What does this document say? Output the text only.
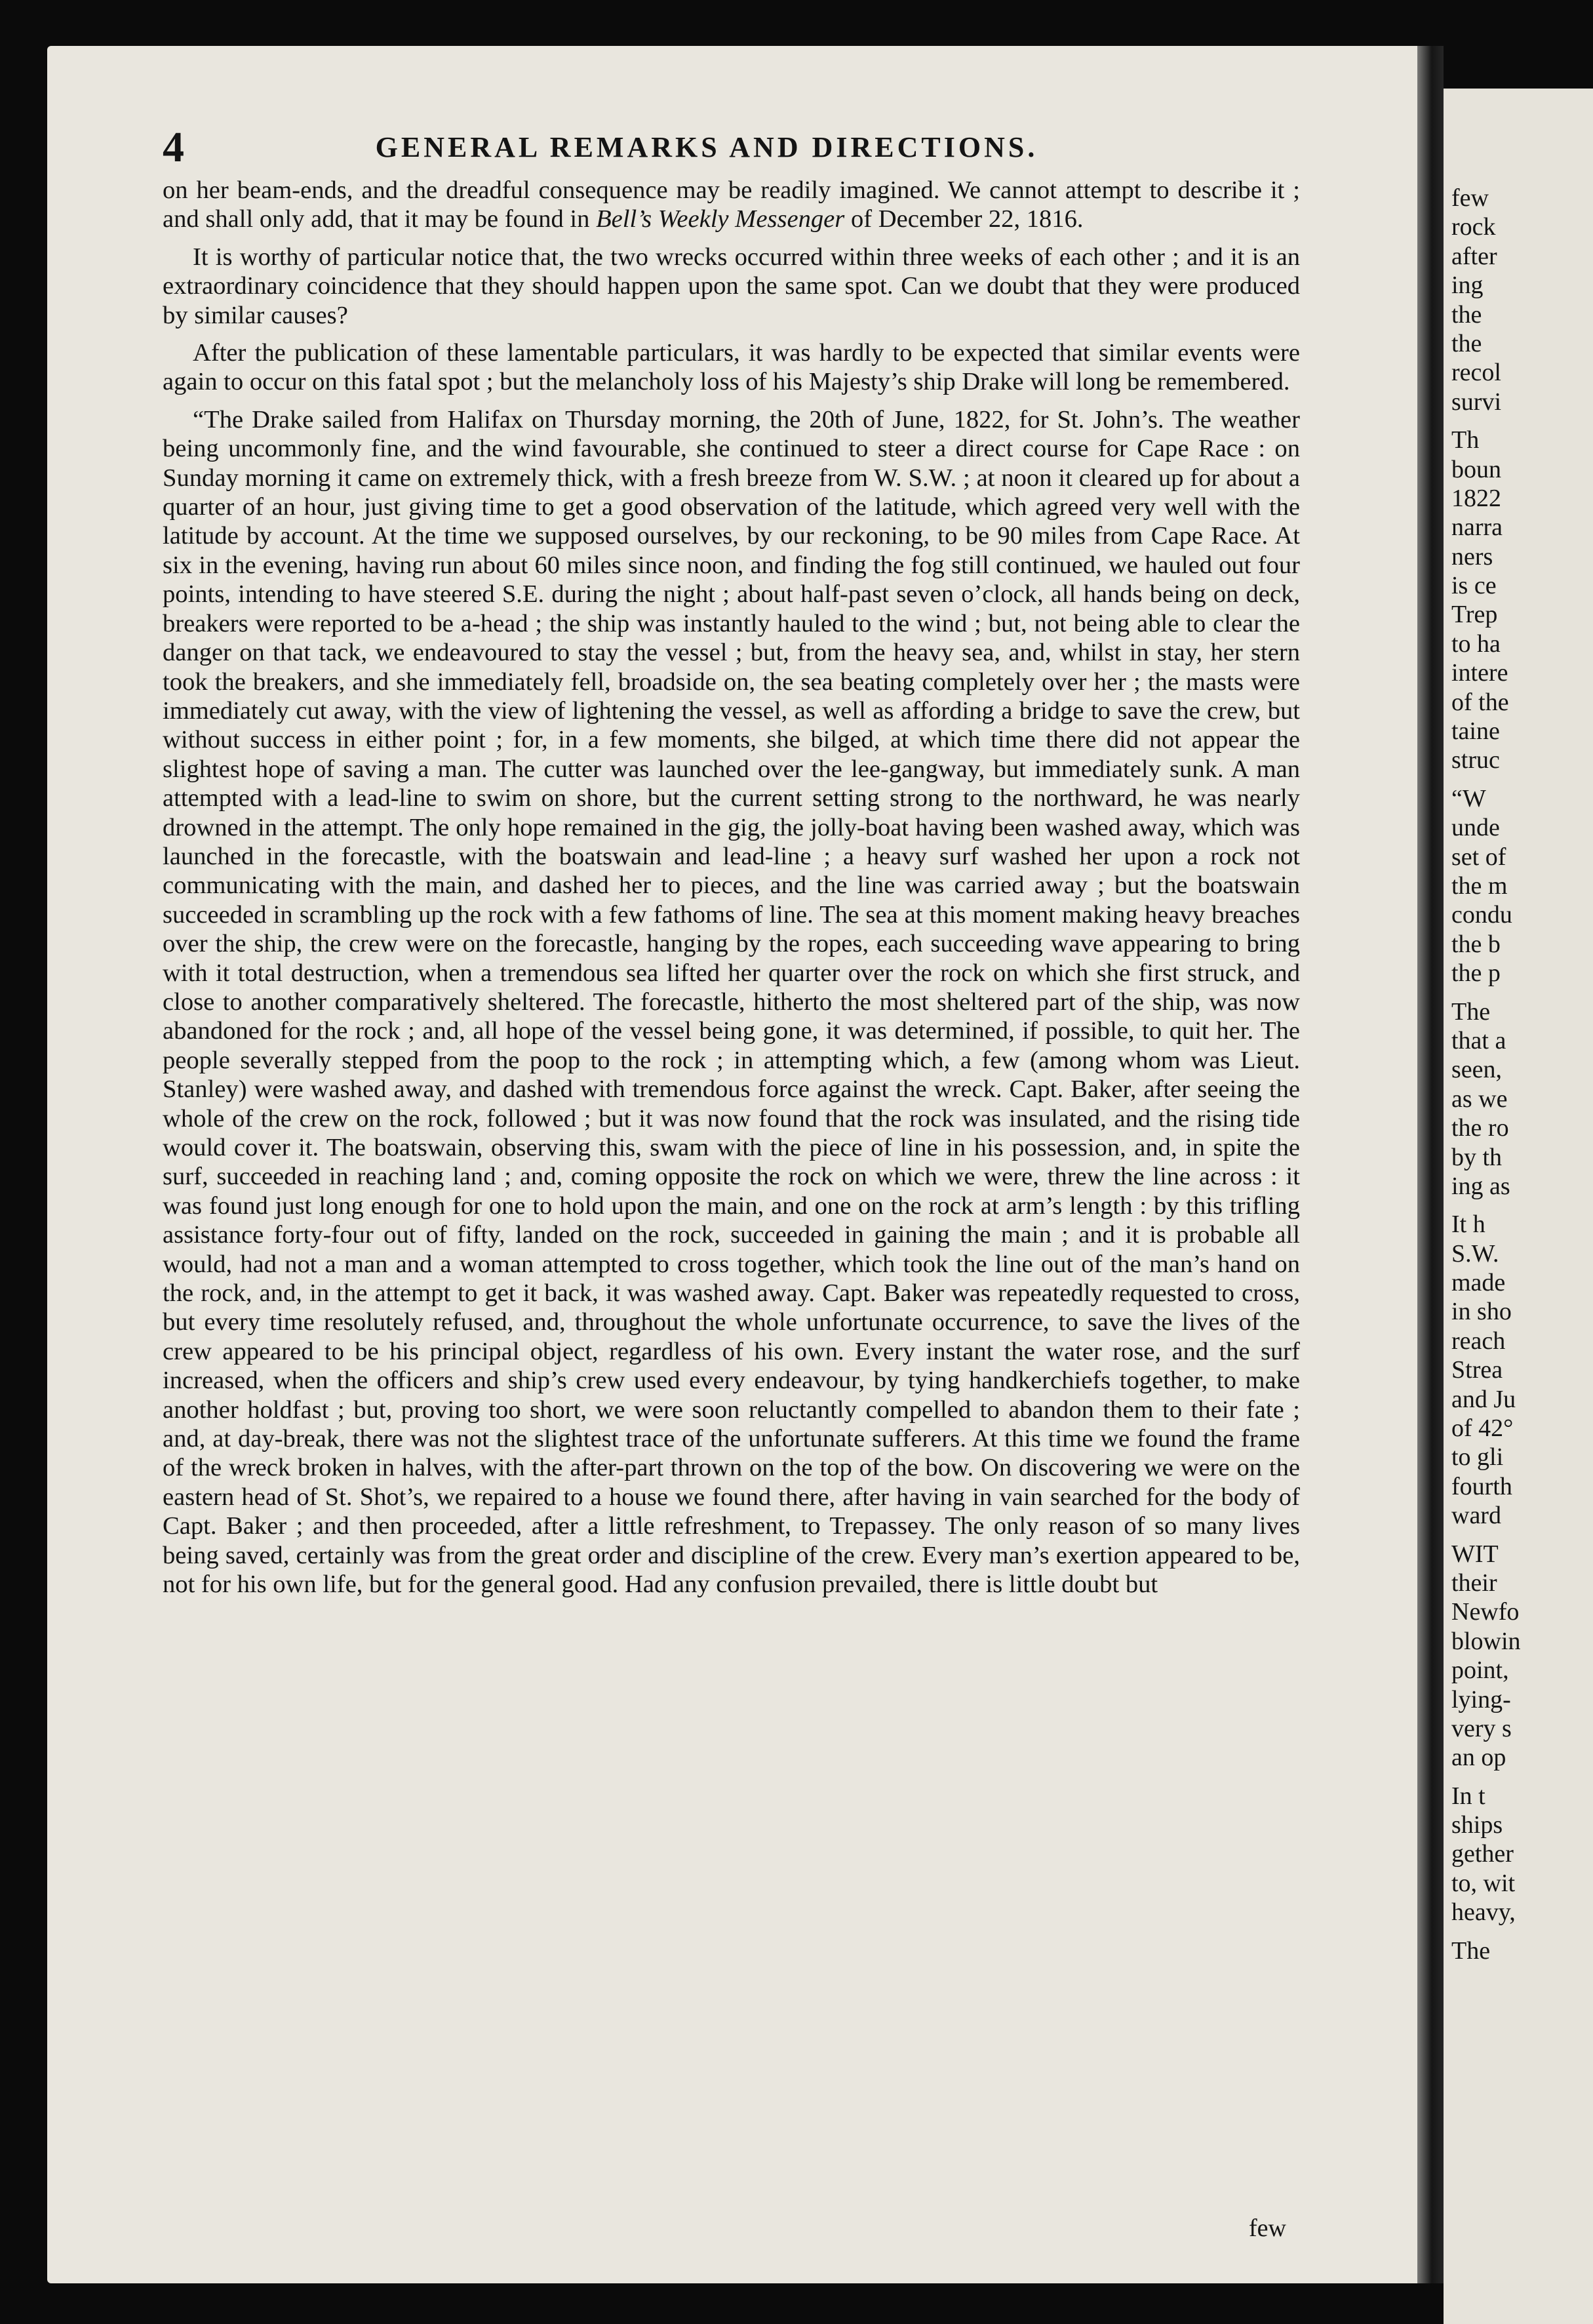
few
rock
after
ing
the
the
recol
survi
Th
boun
1822
narra
ners
is ce
Trep
to ha
intere
of the
taine
struc
“W
unde
set of
the m
condu
the b
the p
The
that a
seen,
as we
the ro
by th
ing as
It h
S.W.
made
in sho
reach
Strea
and Ju
of 42°
to gli
fourth
ward
WIT
their
Newfo
blowin
point,
lying-
very s
an op
In t
ships
gether
to, wit
heavy,
The
4	GENERAL REMARKS AND DIRECTIONS.

on her beam-ends, and the dreadful consequence may be readily imagined. We cannot attempt to describe it ; and shall only add, that it may be found in Bell’s Weekly Messenger of December 22, 1816.

It is worthy of particular notice that, the two wrecks occurred within three weeks of each other ; and it is an extraordinary coincidence that they should happen upon the same spot. Can we doubt that they were produced by similar causes?

After the publication of these lamentable particulars, it was hardly to be expected that similar events were again to occur on this fatal spot ; but the melancholy loss of his Majesty’s ship Drake will long be remembered.

“The Drake sailed from Halifax on Thursday morning, the 20th of June, 1822, for St. John’s. The weather being uncommonly fine, and the wind favourable, she continued to steer a direct course for Cape Race : on Sunday morning it came on extremely thick, with a fresh breeze from W. S.W. ; at noon it cleared up for about a quarter of an hour, just giving time to get a good observation of the latitude, which agreed very well with the latitude by account. At the time we supposed ourselves, by our reckoning, to be 90 miles from Cape Race. At six in the evening, having run about 60 miles since noon, and finding the fog still continued, we hauled out four points, intending to have steered S.E. during the night ; about half-past seven o’clock, all hands being on deck, breakers were reported to be a-head ; the ship was instantly hauled to the wind ; but, not being able to clear the danger on that tack, we endeavoured to stay the vessel ; but, from the heavy sea, and, whilst in stay, her stern took the breakers, and she immediately fell, broadside on, the sea beating completely over her ; the masts were immediately cut away, with the view of lightening the vessel, as well as affording a bridge to save the crew, but without success in either point ; for, in a few moments, she bilged, at which time there did not appear the slightest hope of saving a man. The cutter was launched over the lee-gangway, but immediately sunk. A man attempted with a lead-line to swim on shore, but the current setting strong to the northward, he was nearly drowned in the attempt. The only hope remained in the gig, the jolly-boat having been washed away, which was launched in the forecastle, with the boatswain and lead-line ; a heavy surf washed her upon a rock not communicating with the main, and dashed her to pieces, and the line was carried away ; but the boatswain succeeded in scrambling up the rock with a few fathoms of line. The sea at this moment making heavy breaches over the ship, the crew were on the forecastle, hanging by the ropes, each succeeding wave appearing to bring with it total destruction, when a tremendous sea lifted her quarter over the rock on which she first struck, and close to another comparatively sheltered. The forecastle, hitherto the most sheltered part of the ship, was now abandoned for the rock ; and, all hope of the vessel being gone, it was determined, if possible, to quit her. The people severally stepped from the poop to the rock ; in attempting which, a few (among whom was Lieut. Stanley) were washed away, and dashed with tremendous force against the wreck. Capt. Baker, after seeing the whole of the crew on the rock, followed ; but it was now found that the rock was insulated, and the rising tide would cover it. The boatswain, observing this, swam with the piece of line in his possession, and, in spite the surf, succeeded in reaching land ; and, coming opposite the rock on which we were, threw the line across : it was found just long enough for one to hold upon the main, and one on the rock at arm’s length : by this trifling assistance forty-four out of fifty, landed on the rock, succeeded in gaining the main ; and it is probable all would, had not a man and a woman attempted to cross together, which took the line out of the man’s hand on the rock, and, in the attempt to get it back, it was washed away. Capt. Baker was repeatedly requested to cross, but every time resolutely refused, and, throughout the whole unfortunate occurrence, to save the lives of the crew appeared to be his principal object, regardless of his own. Every instant the water rose, and the surf increased, when the officers and ship’s crew used every endeavour, by tying handkerchiefs together, to make another holdfast ; but, proving too short, we were soon reluctantly compelled to abandon them to their fate ; and, at day-break, there was not the slightest trace of the unfortunate sufferers. At this time we found the frame of the wreck broken in halves, with the after-part thrown on the top of the bow. On discovering we were on the eastern head of St. Shot’s, we repaired to a house we found there, after having in vain searched for the body of Capt. Baker ; and then proceeded, after a little refreshment, to Trepassey. The only reason of so many lives being saved, certainly was from the great order and discipline of the crew. Every man’s exertion appeared to be, not for his own life, but for the general good. Had any confusion prevailed, there is little doubt but

few
